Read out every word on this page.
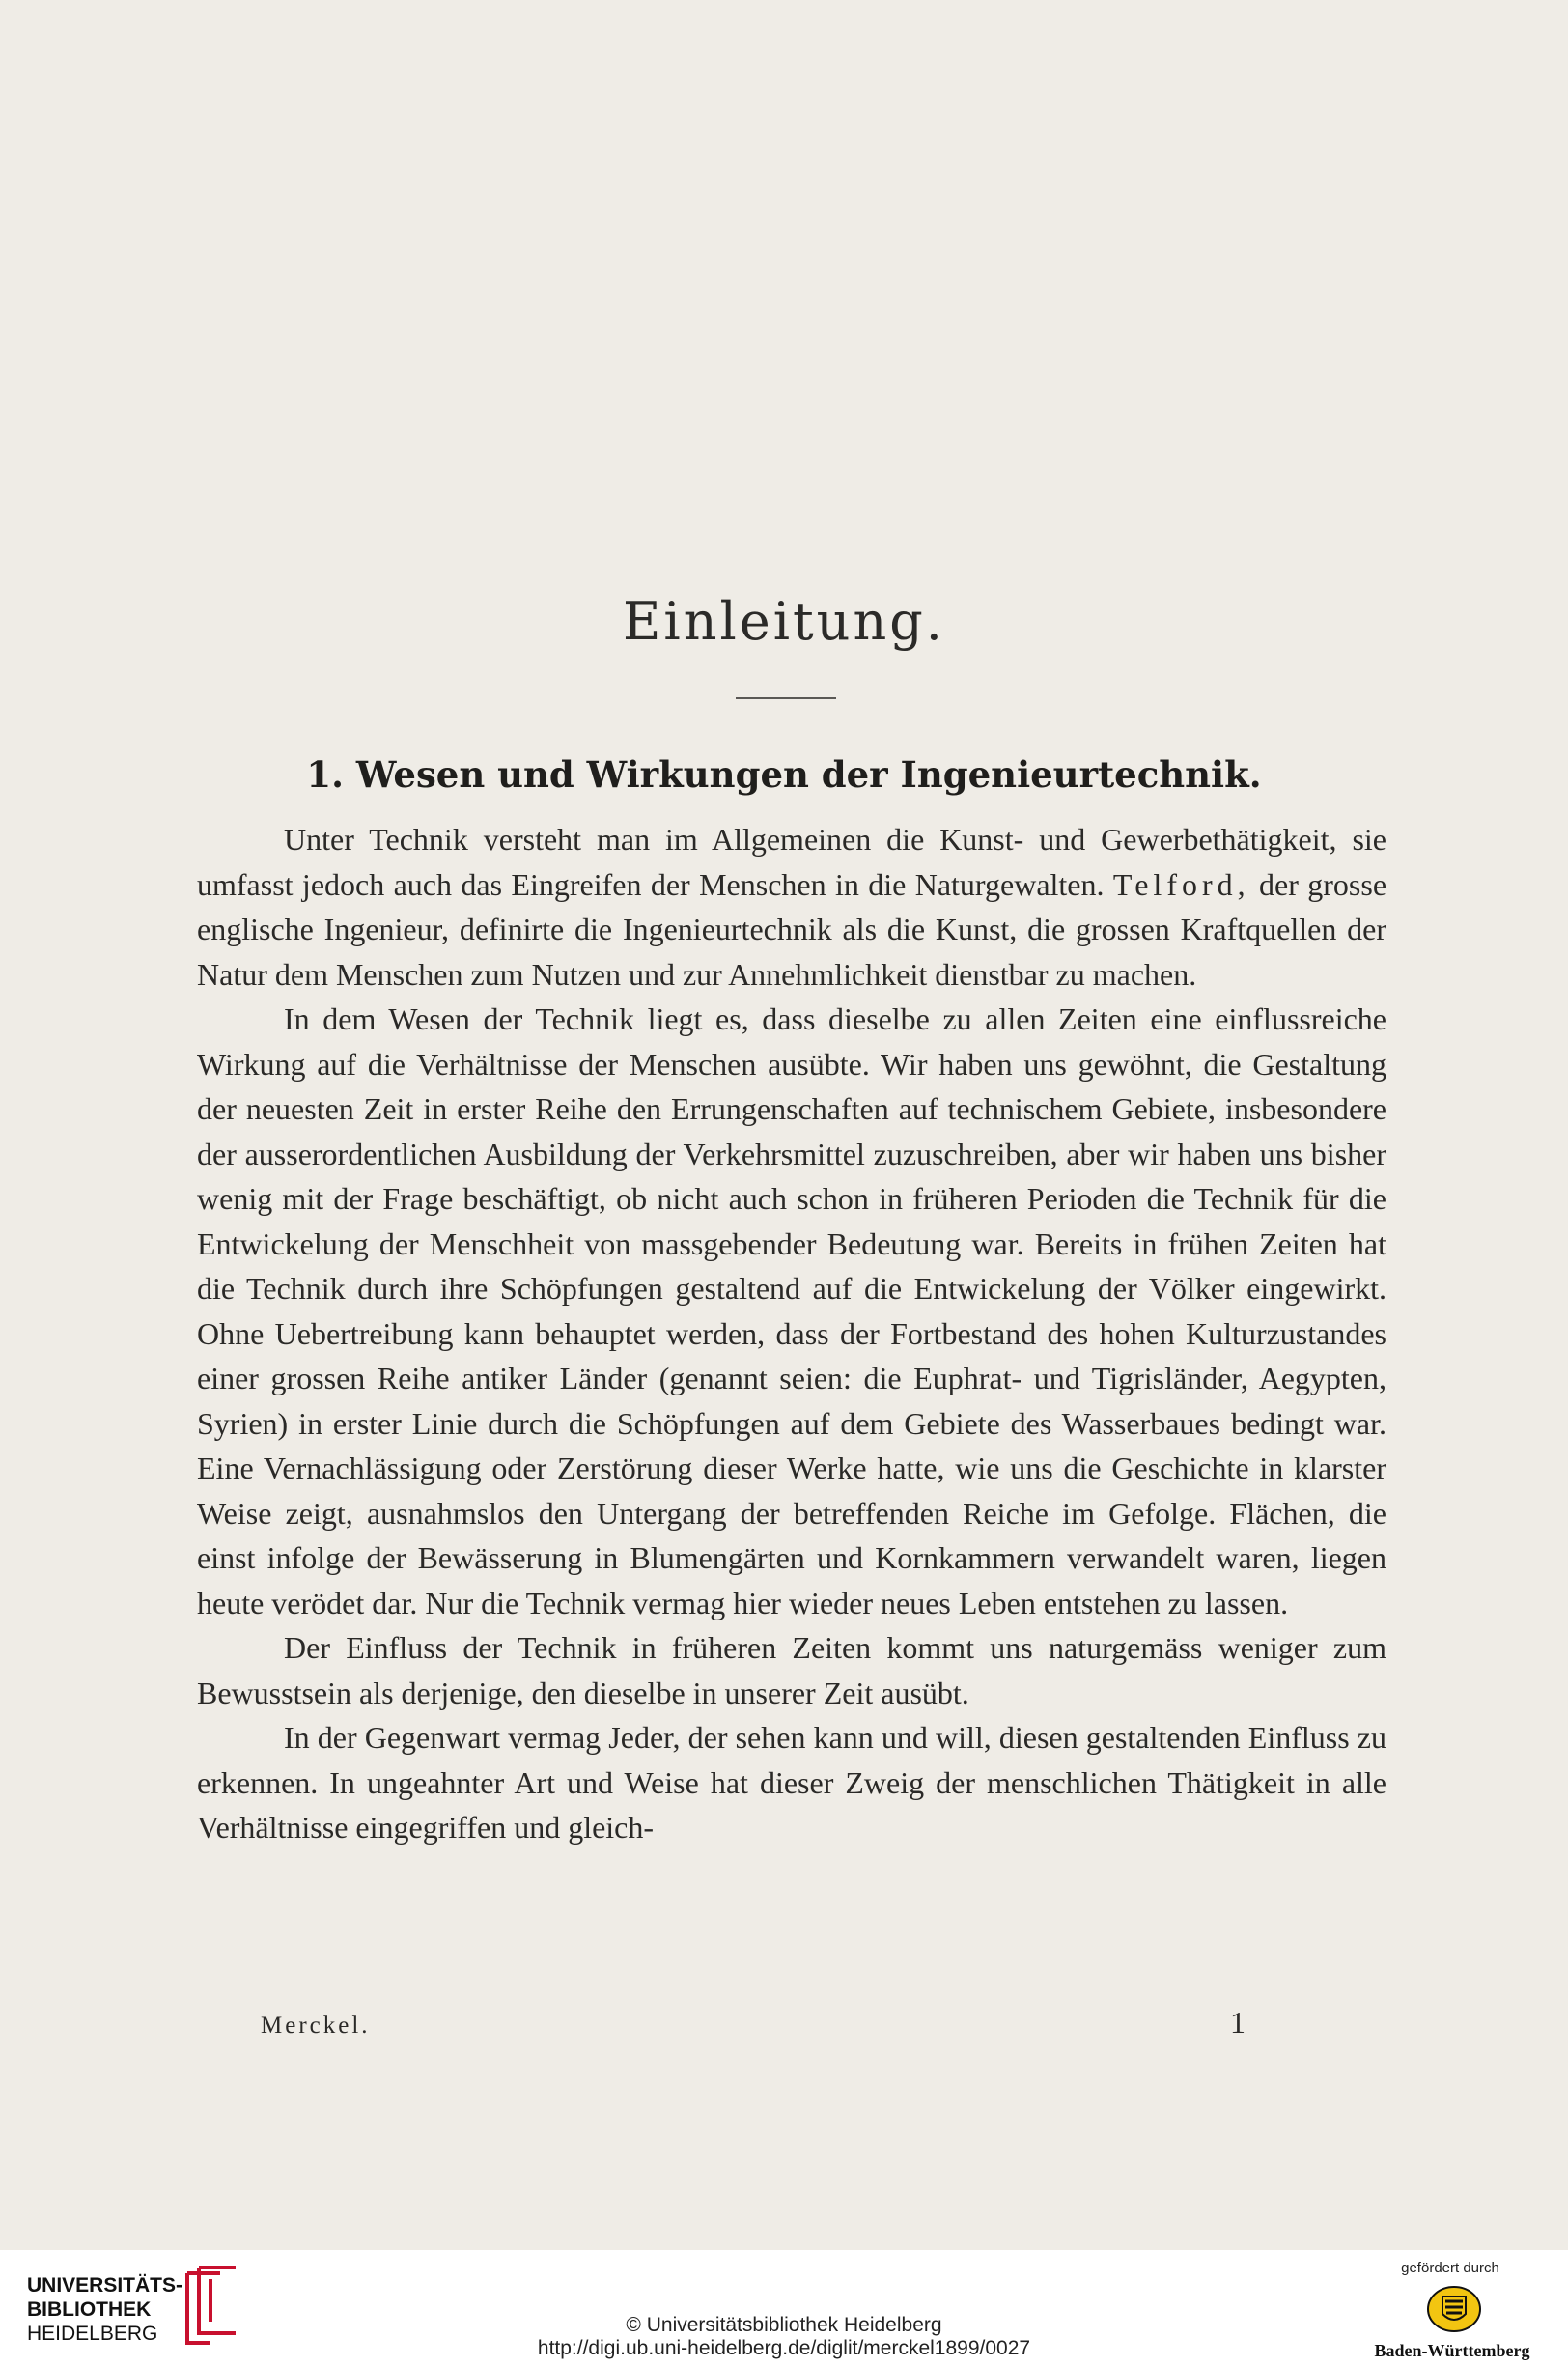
Einleitung.
1. Wesen und Wirkungen der Ingenieurtechnik.

Unter Technik versteht man im Allgemeinen die Kunst- und Gewerbethätigkeit, sie umfasst jedoch auch das Eingreifen der Menschen in die Naturgewalten. Telford, der grosse englische Ingenieur, definirte die Ingenieurtechnik als die Kunst, die grossen Kraftquellen der Natur dem Menschen zum Nutzen und zur Annehmlichkeit dienstbar zu machen.

In dem Wesen der Technik liegt es, dass dieselbe zu allen Zeiten eine einflussreiche Wirkung auf die Verhältnisse der Menschen ausübte. Wir haben uns gewöhnt, die Gestaltung der neuesten Zeit in erster Reihe den Errungenschaften auf technischem Gebiete, insbesondere der ausserordentlichen Ausbildung der Verkehrsmittel zuzuschreiben, aber wir haben uns bisher wenig mit der Frage beschäftigt, ob nicht auch schon in früheren Perioden die Technik für die Entwickelung der Menschheit von massgebender Bedeutung war. Bereits in frühen Zeiten hat die Technik durch ihre Schöpfungen gestaltend auf die Entwickelung der Völker eingewirkt. Ohne Uebertreibung kann behauptet werden, dass der Fortbestand des hohen Kulturzustandes einer grossen Reihe antiker Länder (genannt seien: die Euphrat- und Tigrisländer, Aegypten, Syrien) in erster Linie durch die Schöpfungen auf dem Gebiete des Wasserbaues bedingt war. Eine Vernachlässigung oder Zerstörung dieser Werke hatte, wie uns die Geschichte in klarster Weise zeigt, ausnahmslos den Untergang der betreffenden Reiche im Gefolge. Flächen, die einst infolge der Bewässerung in Blumengärten und Kornkammern verwandelt waren, liegen heute verödet dar. Nur die Technik vermag hier wieder neues Leben entstehen zu lassen.

Der Einfluss der Technik in früheren Zeiten kommt uns naturgemäss weniger zum Bewusstsein als derjenige, den dieselbe in unserer Zeit ausübt.

In der Gegenwart vermag Jeder, der sehen kann und will, diesen gestaltenden Einfluss zu erkennen. In ungeahnter Art und Weise hat dieser Zweig der menschlichen Thätigkeit in alle Verhältnisse eingegriffen und gleich-

Merckel.	1
UNIVERSITÄTS-
BIBLIOTHEK
HEIDELBERG	© Universitätsbibliothek Heidelberg
http://digi.ub.uni-heidelberg.de/diglit/merckel1899/0027
gefördert durch
Baden-Württemberg
